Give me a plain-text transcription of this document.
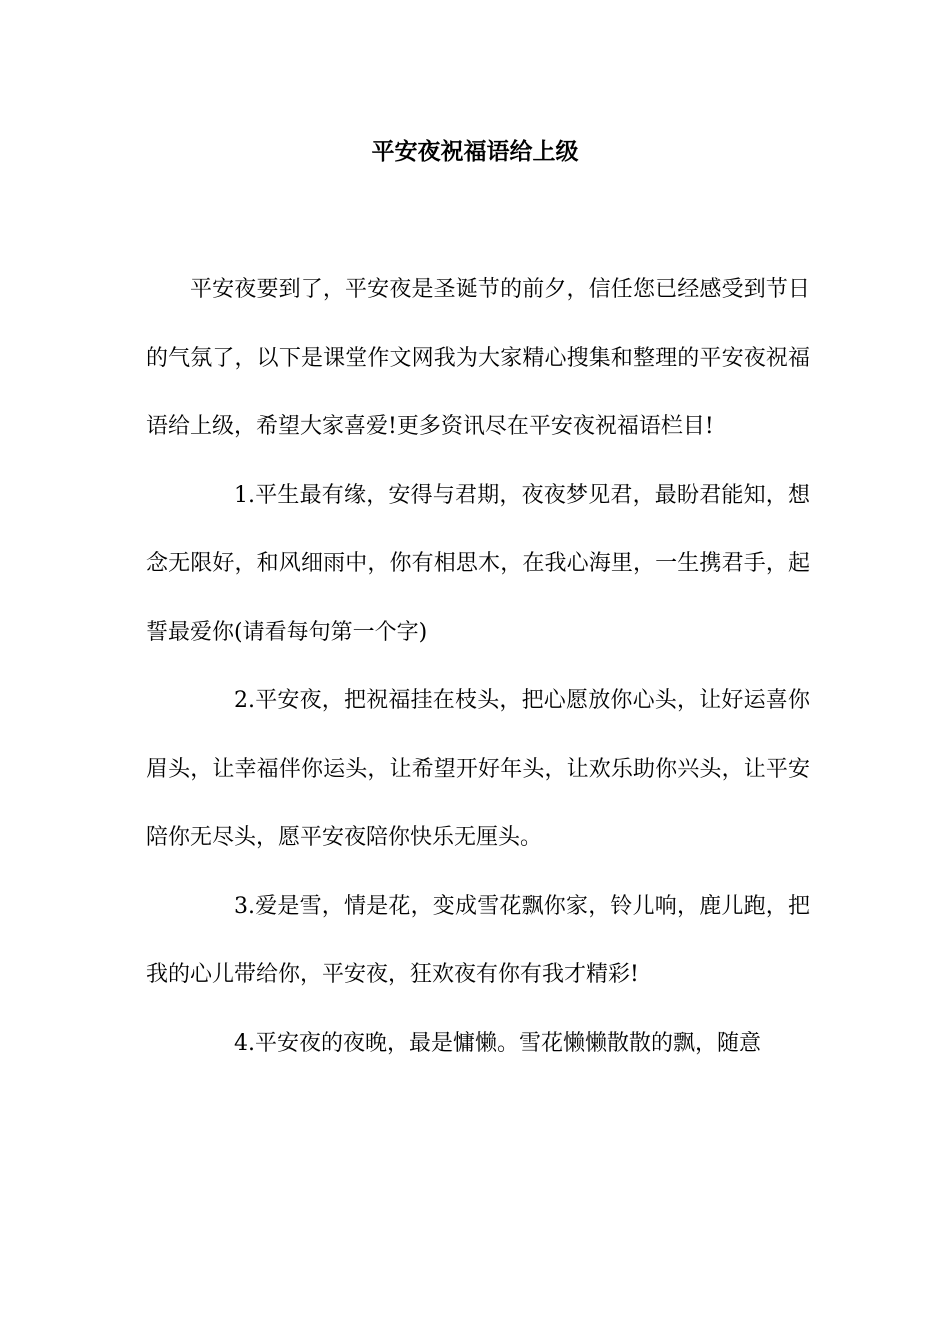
平安夜祝福语给上级

平安夜要到了，平安夜是圣诞节的前夕，信任您已经感受到节日的气氛了，以下是课堂作文网我为大家精心搜集和整理的平安夜祝福语给上级，希望大家喜爱!更多资讯尽在平安夜祝福语栏目!

1.平生最有缘，安得与君期，夜夜梦见君，最盼君能知，想念无限好，和风细雨中，你有相思木，在我心海里，一生携君手，起誓最爱你(请看每句第一个字)

2.平安夜，把祝福挂在枝头，把心愿放你心头，让好运喜你眉头，让幸福伴你运头，让希望开好年头，让欢乐助你兴头，让平安陪你无尽头，愿平安夜陪你快乐无厘头。

3.爱是雪，情是花，变成雪花飘你家，铃儿响，鹿儿跑，把我的心儿带给你，平安夜，狂欢夜有你有我才精彩!

4.平安夜的夜晚，最是慵懒。雪花懒懒散散的飘，随意
